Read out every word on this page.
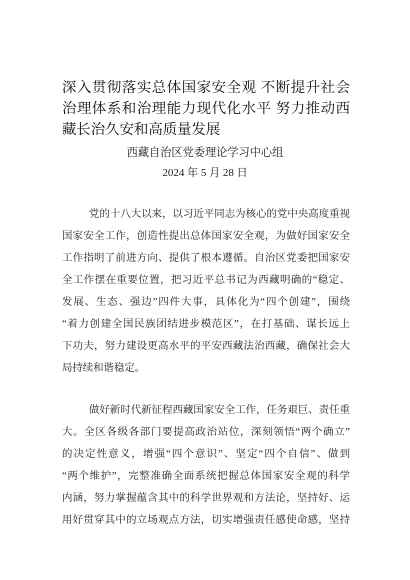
深入贯彻落实总体国家安全观 不断提升社会
治理体系和治理能力现代化水平 努力推动西
藏长治久安和高质量发展
西藏自治区党委理论学习中心组
2024 年 5 月 28 日
党的十八大以来，以习近平同志为核心的党中央高度重视
国家安全工作，创造性提出总体国家安全观，为做好国家安全
工作指明了前进方向、提供了根本遵循。自治区党委把国家安
全工作摆在重要位置，把习近平总书记为西藏明确的“稳定、
发展、生态、强边”四件大事，具体化为“四个创建”，围绕
“着力创建全国民族团结进步模范区”，在打基础、谋长远上
下功夫，努力建设更高水平的平安西藏法治西藏，确保社会大
局持续和谐稳定。
做好新时代新征程西藏国家安全工作，任务艰巨、责任重
大。全区各级各部门要提高政治站位，深刻领悟“两个确立”
的决定性意义，增强“四个意识”、坚定“四个自信”、做到
“两个维护”，完整准确全面系统把握总体国家安全观的科学
内涵，努力掌握蕴含其中的科学世界观和方法论，坚持好、运
用好贯穿其中的立场观点方法，切实增强责任感使命感，坚持
